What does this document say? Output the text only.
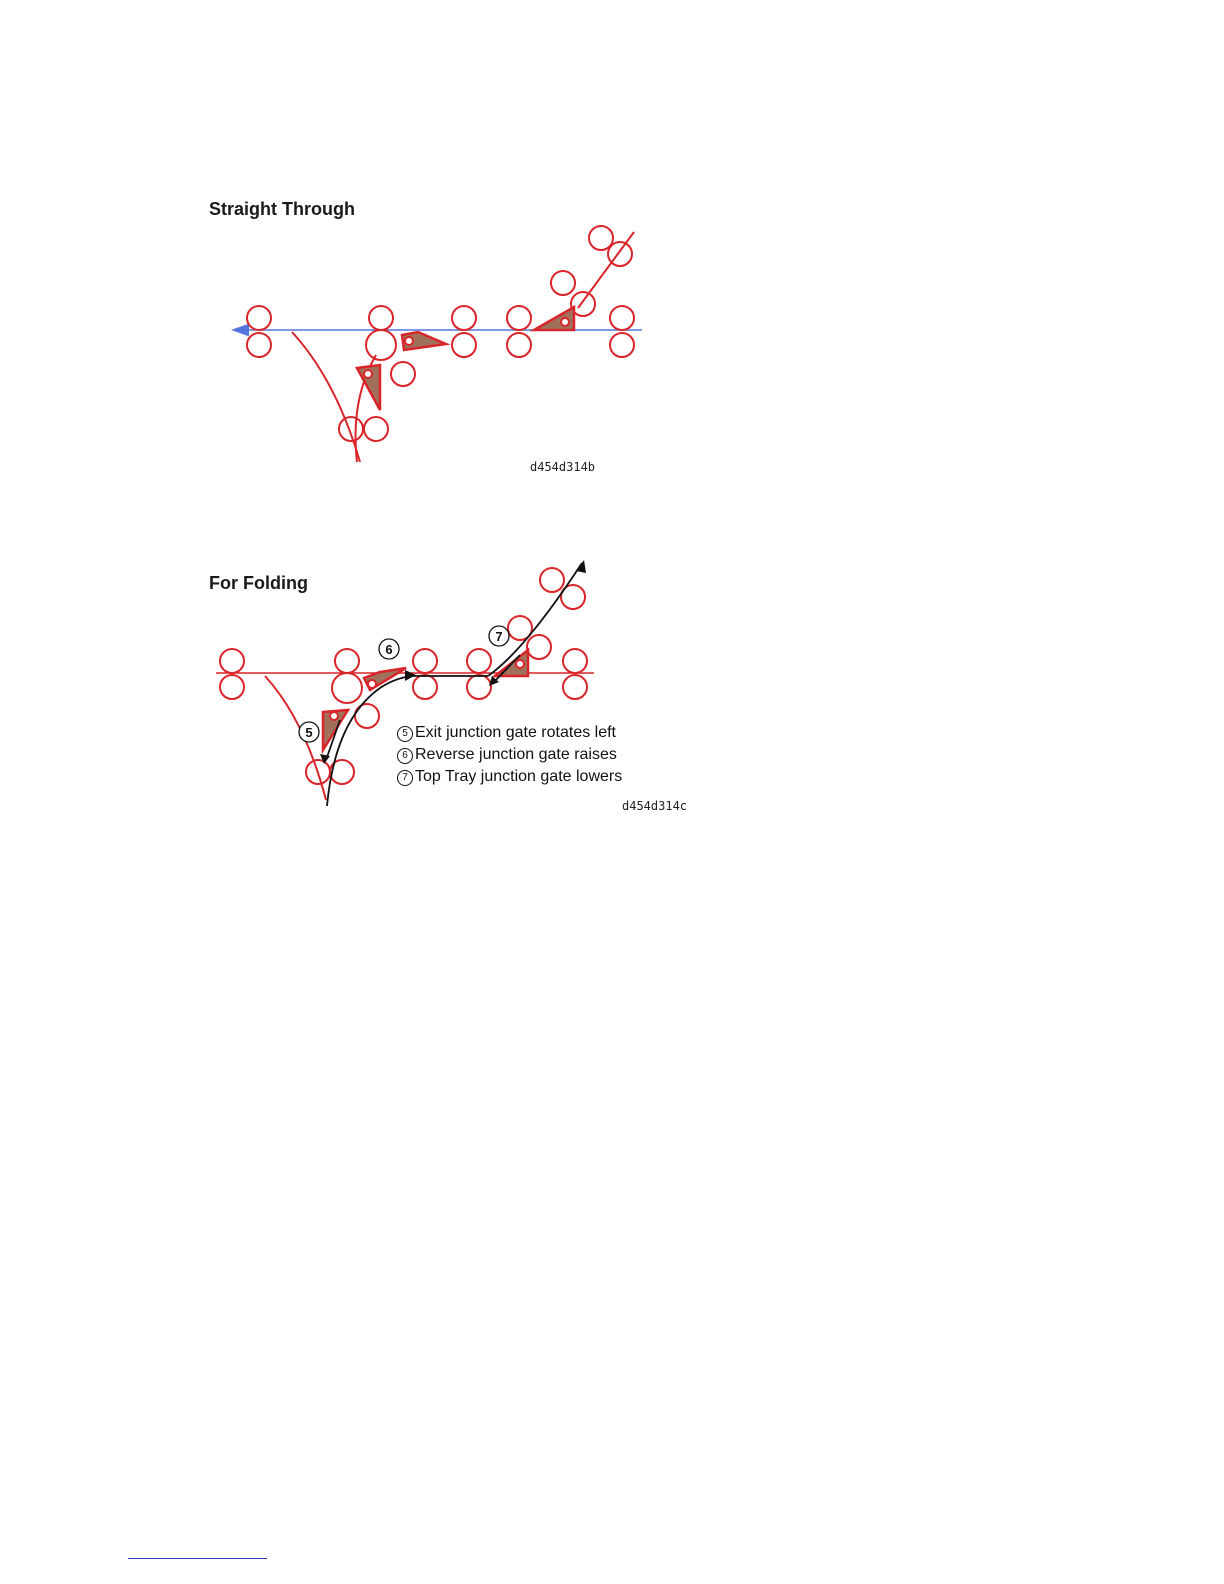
Straight Through
d454d314b
For Folding
5
6
7
5 Exit junction gate rotates left
6 Reverse junction gate raises
7 Top Tray junction gate lowers
d454d314c
